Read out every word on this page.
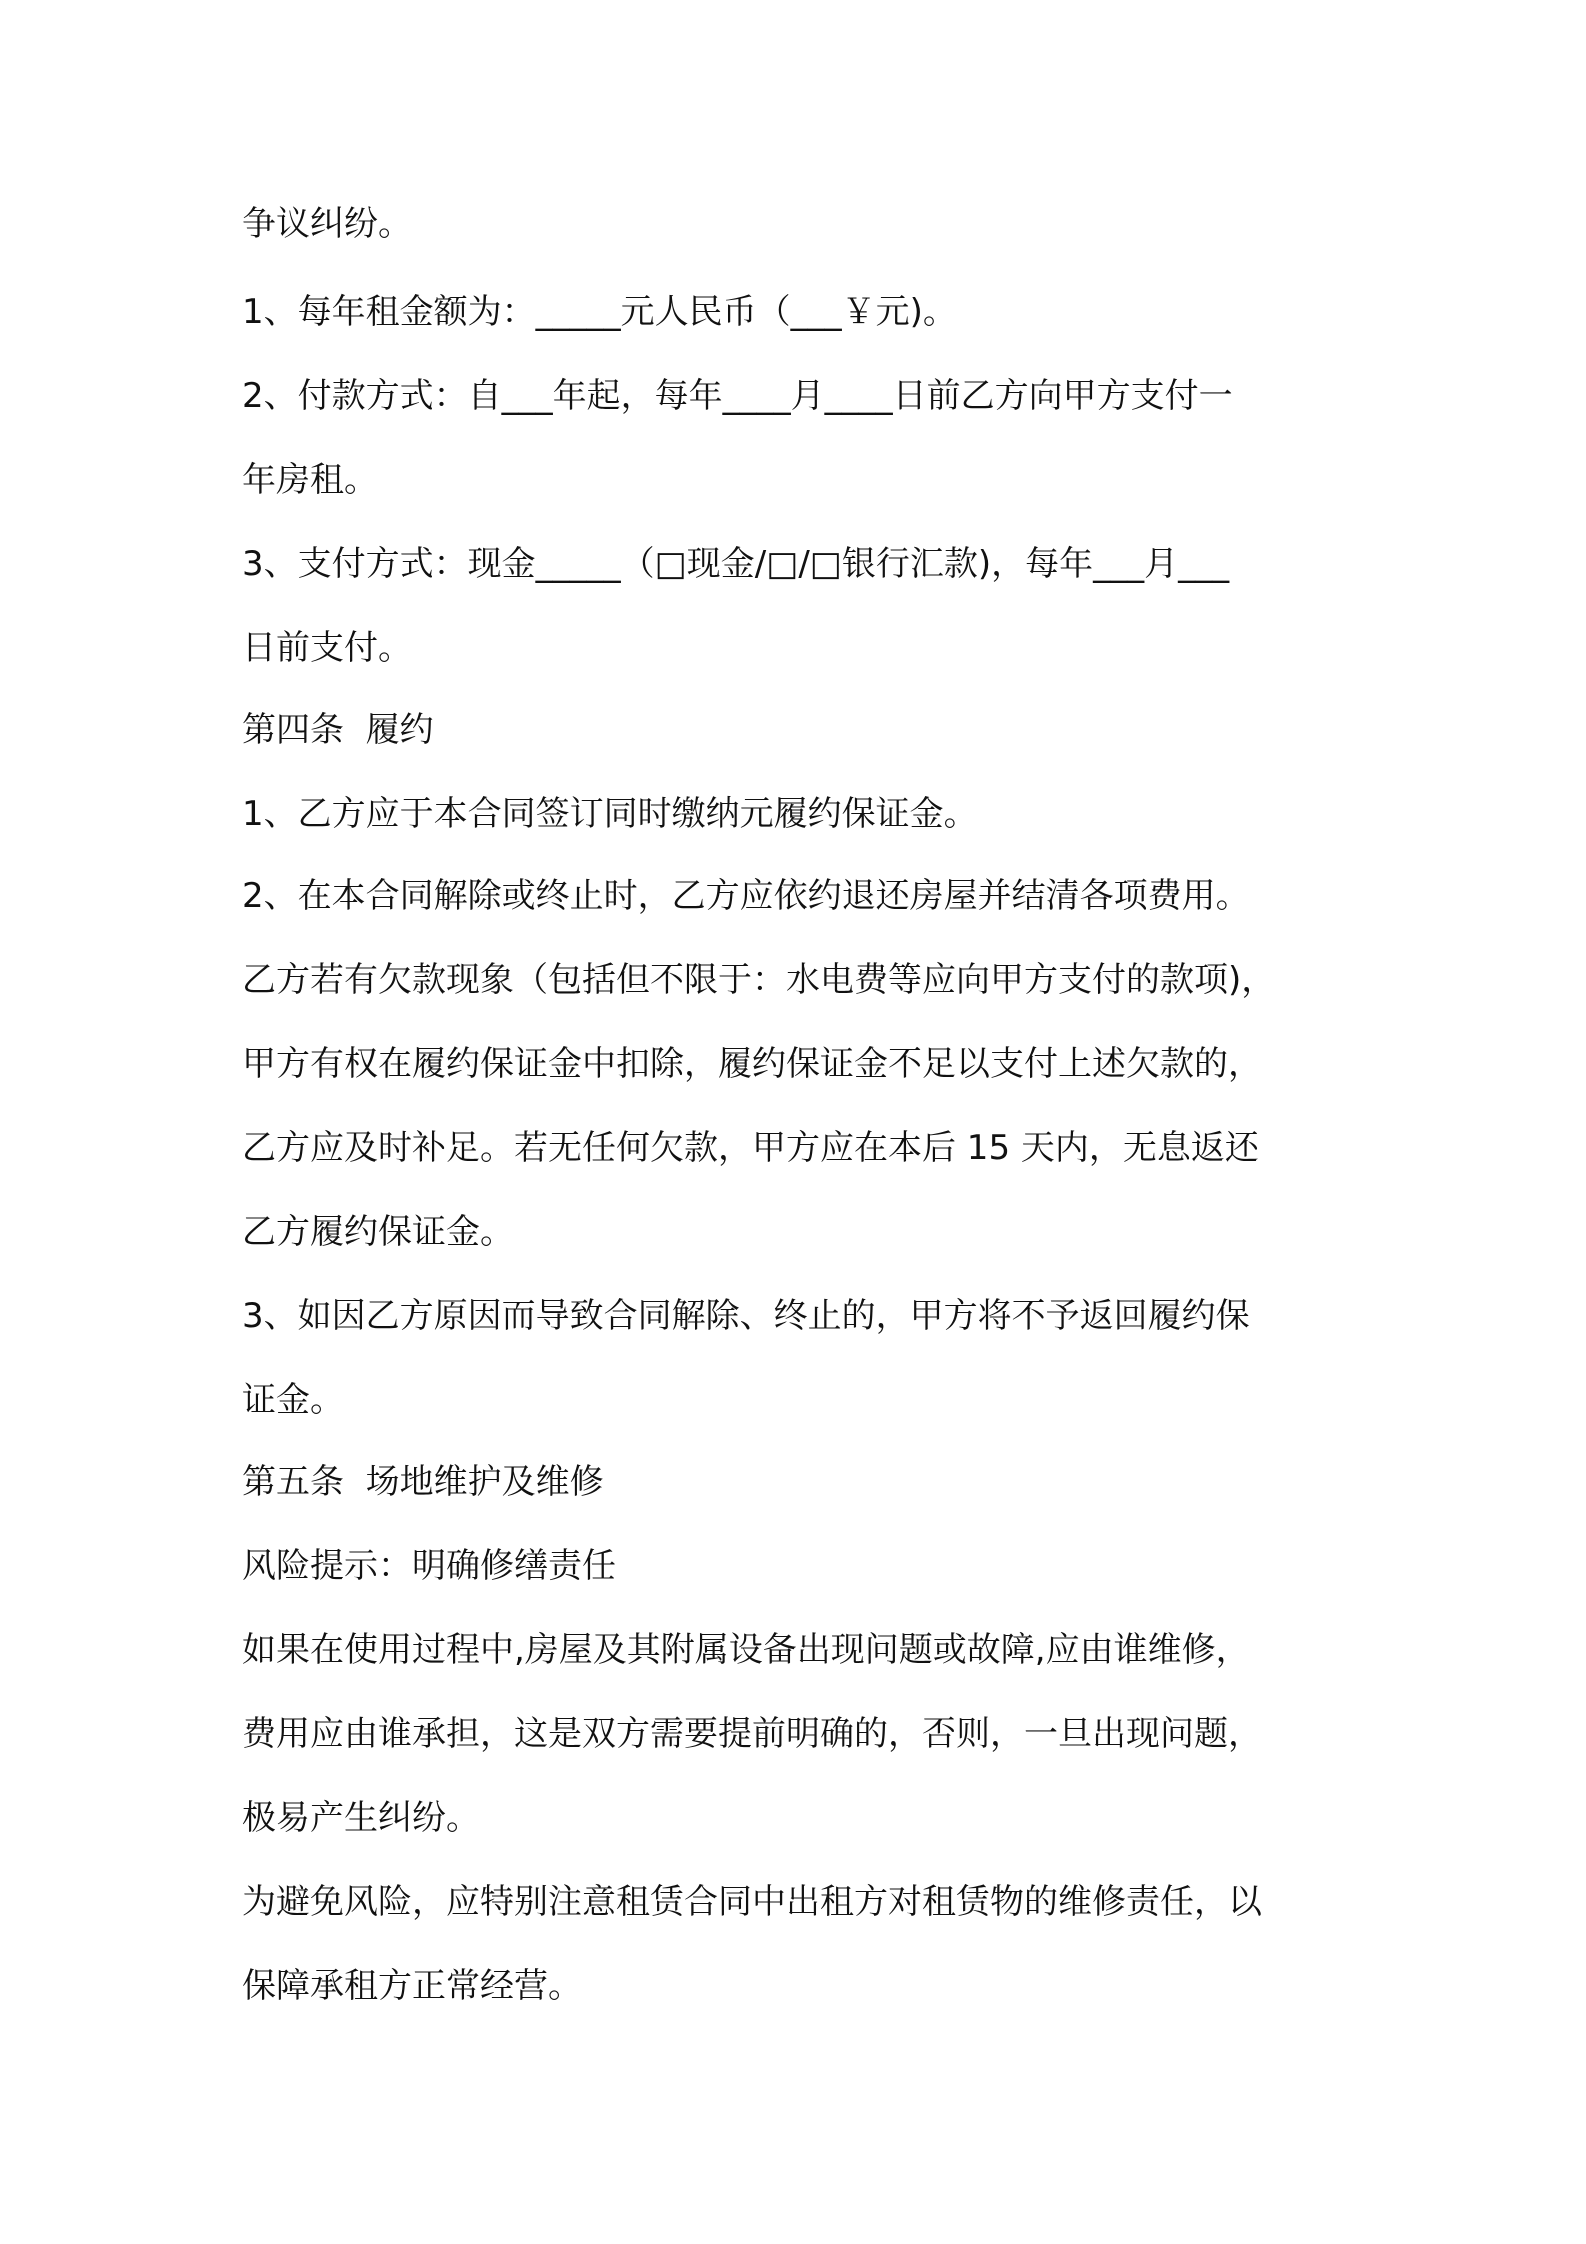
争议纠纷。
1、每年租金额为：_____元人民币（___￥元)。
2、付款方式：自___年起，每年____月____日前乙方向甲方支付一
年房租。
3、支付方式：现金_____（□现金/□/□银行汇款)，每年___月___
日前支付。
第四条  履约
1、乙方应于本合同签订同时缴纳元履约保证金。
2、在本合同解除或终止时，乙方应依约退还房屋并结清各项费用。
乙方若有欠款现象（包括但不限于：水电费等应向甲方支付的款项)，
甲方有权在履约保证金中扣除，履约保证金不足以支付上述欠款的，
乙方应及时补足。若无任何欠款，甲方应在本后 15 天内，无息返还
乙方履约保证金。
3、如因乙方原因而导致合同解除、终止的，甲方将不予返回履约保
证金。
第五条  场地维护及维修
风险提示：明确修缮责任
如果在使用过程中,房屋及其附属设备出现问题或故障,应由谁维修，
费用应由谁承担，这是双方需要提前明确的，否则，一旦出现问题，
极易产生纠纷。
为避免风险，应特别注意租赁合同中出租方对租赁物的维修责任，以
保障承租方正常经营。
